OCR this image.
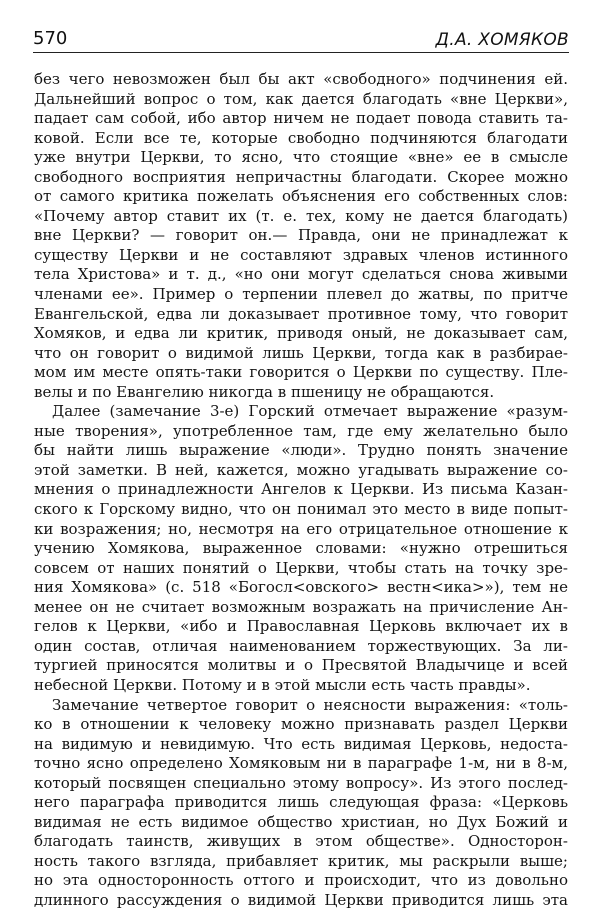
570	Д.А. ХОМЯКОВ
без чего невозможен был бы акт «свободного» подчинения ей.
Дальнейший вопрос о том, как дается благодать «вне Церкви»,
падает сам собой, ибо автор ничем не подает повода ставить та-
ковой. Если все те, которые свободно подчиняются благодати
уже внутри Церкви, то ясно, что стоящие «вне» ее в смысле
свободного восприятия непричастны благодати. Скорее можно
от самого критика пожелать объяснения его собственных слов:
«Почему автор ставит их (т. е. тех, кому не дается благодать)
вне Церкви? — говорит он.— Правда, они не принадлежат к
существу Церкви и не составляют здравых членов истинного
тела Христова» и т. д., «но они могут сделаться снова живыми
членами ее». Пример о терпении плевел до жатвы, по притче
Евангельской, едва ли доказывает противное тому, что говорит
Хомяков, и едва ли критик, приводя оный, не доказывает сам,
что он говорит о видимой лишь Церкви, тогда как в разбирае-
мом им месте опять-таки говорится о Церкви по существу. Пле-
велы и по Евангелию никогда в пшеницу не обращаются.
Далее (замечание 3-е) Горский отмечает выражение «разум-
ные творения», употребленное там, где ему желательно было
бы найти лишь выражение «люди». Трудно понять значение
этой заметки. В ней, кажется, можно угадывать выражение со-
мнения о принадлежности Ангелов к Церкви. Из письма Казан-
ского к Горскому видно, что он понимал это место в виде попыт-
ки возражения; но, несмотря на его отрицательное отношение к
учению Хомякова, выраженное словами: «нужно отрешиться
совсем от наших понятий о Церкви, чтобы стать на точку зре-
ния Хомякова» (с. 518 «Богосл<овского> вестн<ика>»), тем не
менее он не считает возможным возражать на причисление Ан-
гелов к Церкви, «ибо и Православная Церковь включает их в
один состав, отличая наименованием торжествующих. За ли-
тургией приносятся молитвы и о Пресвятой Владычице и всей
небесной Церкви. Потому и в этой мысли есть часть правды».
Замечание четвертое говорит о неясности выражения: «толь-
ко в отношении к человеку можно признавать раздел Церкви
на видимую и невидимую. Что есть видимая Церковь, недоста-
точно ясно определено Хомяковым ни в параграфе 1-м, ни в 8-м,
который посвящен специально этому вопросу». Из этого послед-
него параграфа приводится лишь следующая фраза: «Церковь
видимая не есть видимое общество христиан, но Дух Божий и
благодать таинств, живущих в этом обществе». Односторон-
ность такого взгляда, прибавляет критик, мы раскрыли выше;
но эта односторонность оттого и происходит, что из довольно
длинного рассуждения о видимой Церкви приводится лишь эта
